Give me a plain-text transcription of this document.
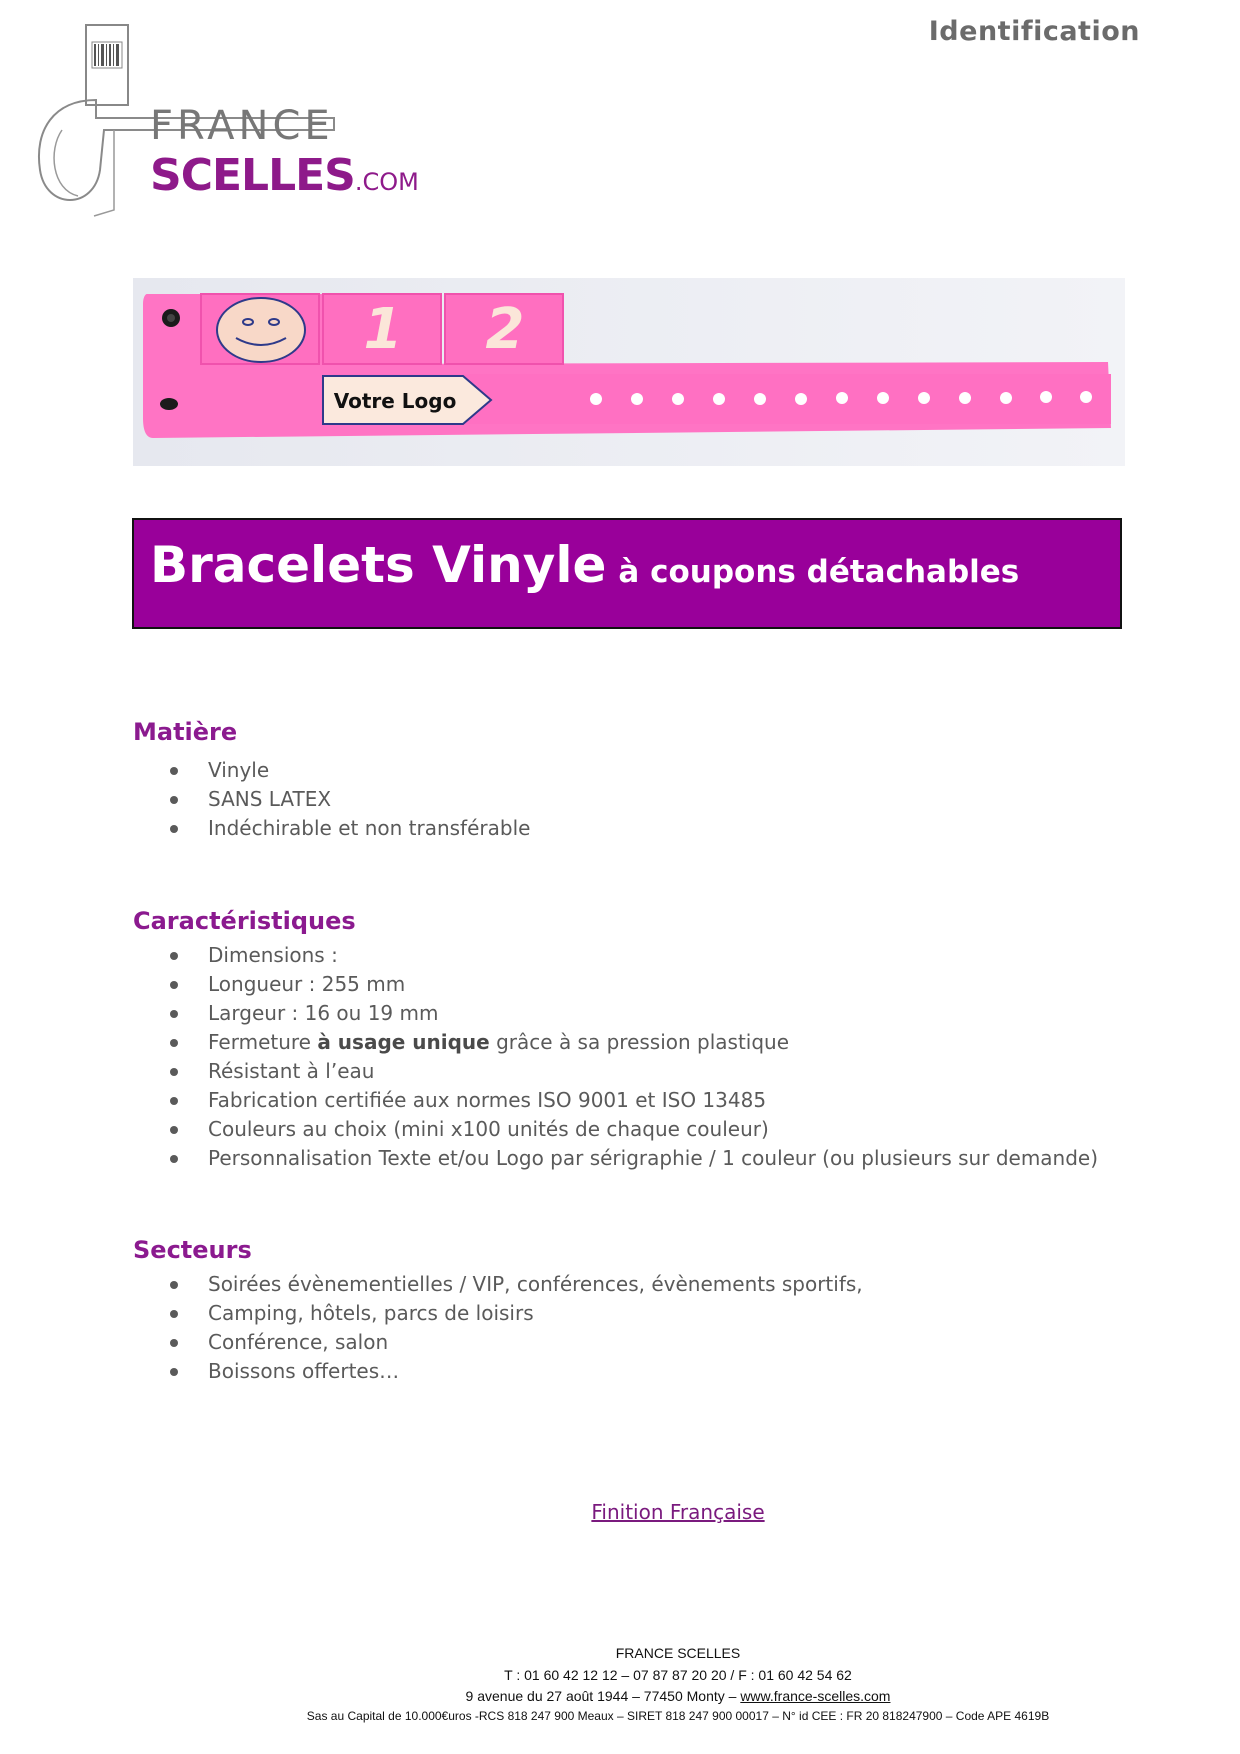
Identification
FRANCE
SCELLES.COM
1 2
Votre Logo
Bracelets Vinyle à coupons détachables
Matière
Vinyle
SANS LATEX
Indéchirable et non transférable
Caractéristiques
Dimensions :
Longueur : 255 mm
Largeur : 16 ou 19 mm
Fermeture à usage unique grâce à sa pression plastique
Résistant à l’eau
Fabrication certifiée aux normes ISO 9001 et ISO 13485
Couleurs au choix (mini x100 unités de chaque couleur)
Personnalisation Texte et/ou Logo par sérigraphie / 1 couleur (ou plusieurs sur demande)
Secteurs
Soirées évènementielles / VIP, conférences, évènements sportifs,
Camping, hôtels, parcs de loisirs
Conférence, salon
Boissons offertes…
Finition Française
FRANCE SCELLES
T : 01 60 42 12 12 – 07 87 87 20 20 / F : 01 60 42 54 62
9 avenue du 27 août 1944 – 77450 Monty – www.france-scelles.com
Sas au Capital de 10.000€uros -RCS 818 247 900 Meaux – SIRET 818 247 900 00017 – N° id CEE : FR 20 818247900 – Code APE 4619B
